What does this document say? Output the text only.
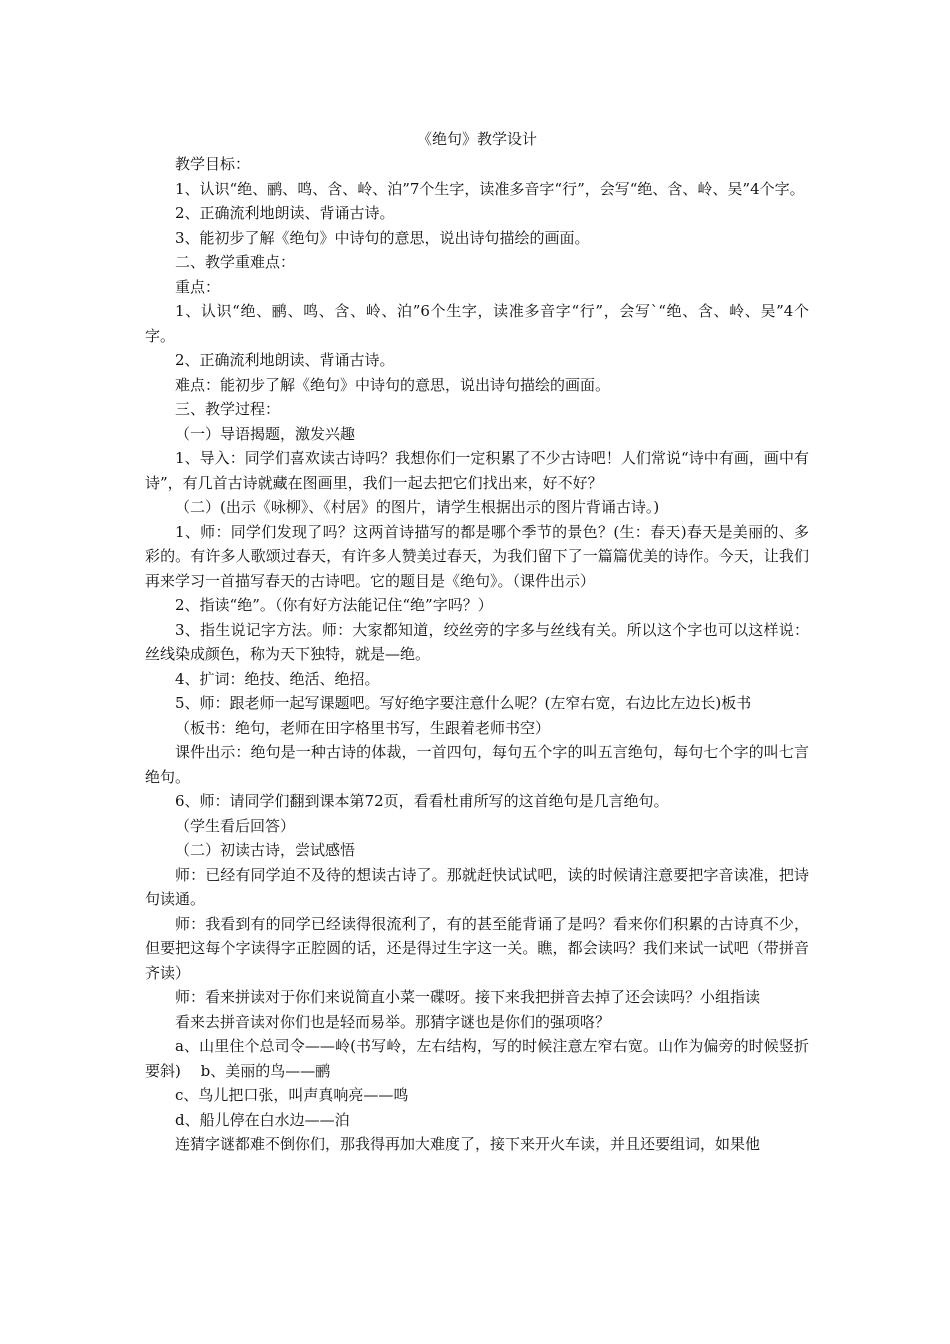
《绝句》教学设计

教学目标：

1、认识“绝、鹂、鸣、含、岭、泊”7个生字，读准多音字“行”，会写“绝、含、岭、吴”4个字。

2、正确流利地朗读、背诵古诗。

3、能初步了解《绝句》中诗句的意思，说出诗句描绘的画面。

二、教学重难点：

重点：

1、认识“绝、鹂、鸣、含、岭、泊”6个生字，读准多音字“行”，会写`“绝、含、岭、吴”4个字。

2、正确流利地朗读、背诵古诗。

难点：能初步了解《绝句》中诗句的意思，说出诗句描绘的画面。

三、教学过程：

（一）导语揭题，激发兴趣

1、导入：同学们喜欢读古诗吗？我想你们一定积累了不少古诗吧！人们常说“诗中有画，画中有诗”，有几首古诗就藏在图画里，我们一起去把它们找出来，好不好？

（二）(出示《咏柳》、《村居》的图片，请学生根据出示的图片背诵古诗。)

1、师：同学们发现了吗？这两首诗描写的都是哪个季节的景色？(生：春天)春天是美丽的、多彩的。有许多人歌颂过春天，有许多人赞美过春天，为我们留下了一篇篇优美的诗作。今天，让我们再来学习一首描写春天的古诗吧。它的题目是《绝句》。（课件出示）

2、指读“绝”。（你有好方法能记住“绝”字吗？）

3、指生说记字方法。师：大家都知道，绞丝旁的字多与丝线有关。所以这个字也可以这样说：丝线染成颜色，称为天下独特，就是—绝。

4、扩词：绝技、绝活、绝招。

5、师：跟老师一起写课题吧。写好绝字要注意什么呢？(左窄右宽，右边比左边长)板书

（板书：绝句，老师在田字格里书写，生跟着老师书空）

课件出示：绝句是一种古诗的体裁，一首四句，每句五个字的叫五言绝句，每句七个字的叫七言绝句。

6、师：请同学们翻到课本第72页，看看杜甫所写的这首绝句是几言绝句。

（学生看后回答）

（二）初读古诗，尝试感悟

师：已经有同学迫不及待的想读古诗了。那就赶快试试吧，读的时候请注意要把字音读准，把诗句读通。

师：我看到有的同学已经读得很流利了，有的甚至能背诵了是吗？看来你们积累的古诗真不少，但要把这每个字读得字正腔圆的话，还是得过生字这一关。瞧，都会读吗？我们来试一试吧（带拼音齐读）

师：看来拼读对于你们来说简直小菜一碟呀。接下来我把拼音去掉了还会读吗？小组指读

看来去拼音读对你们也是轻而易举。那猜字谜也是你们的强项咯？

a、山里住个总司令——岭(书写岭，左右结构，写的时候注意左窄右宽。山作为偏旁的时候竖折要斜)　 b、美丽的鸟——鹂

c、鸟儿把口张，叫声真响亮——鸣

d、船儿停在白水边——泊

连猜字谜都难不倒你们，那我得再加大难度了，接下来开火车读，并且还要组词，如果他
